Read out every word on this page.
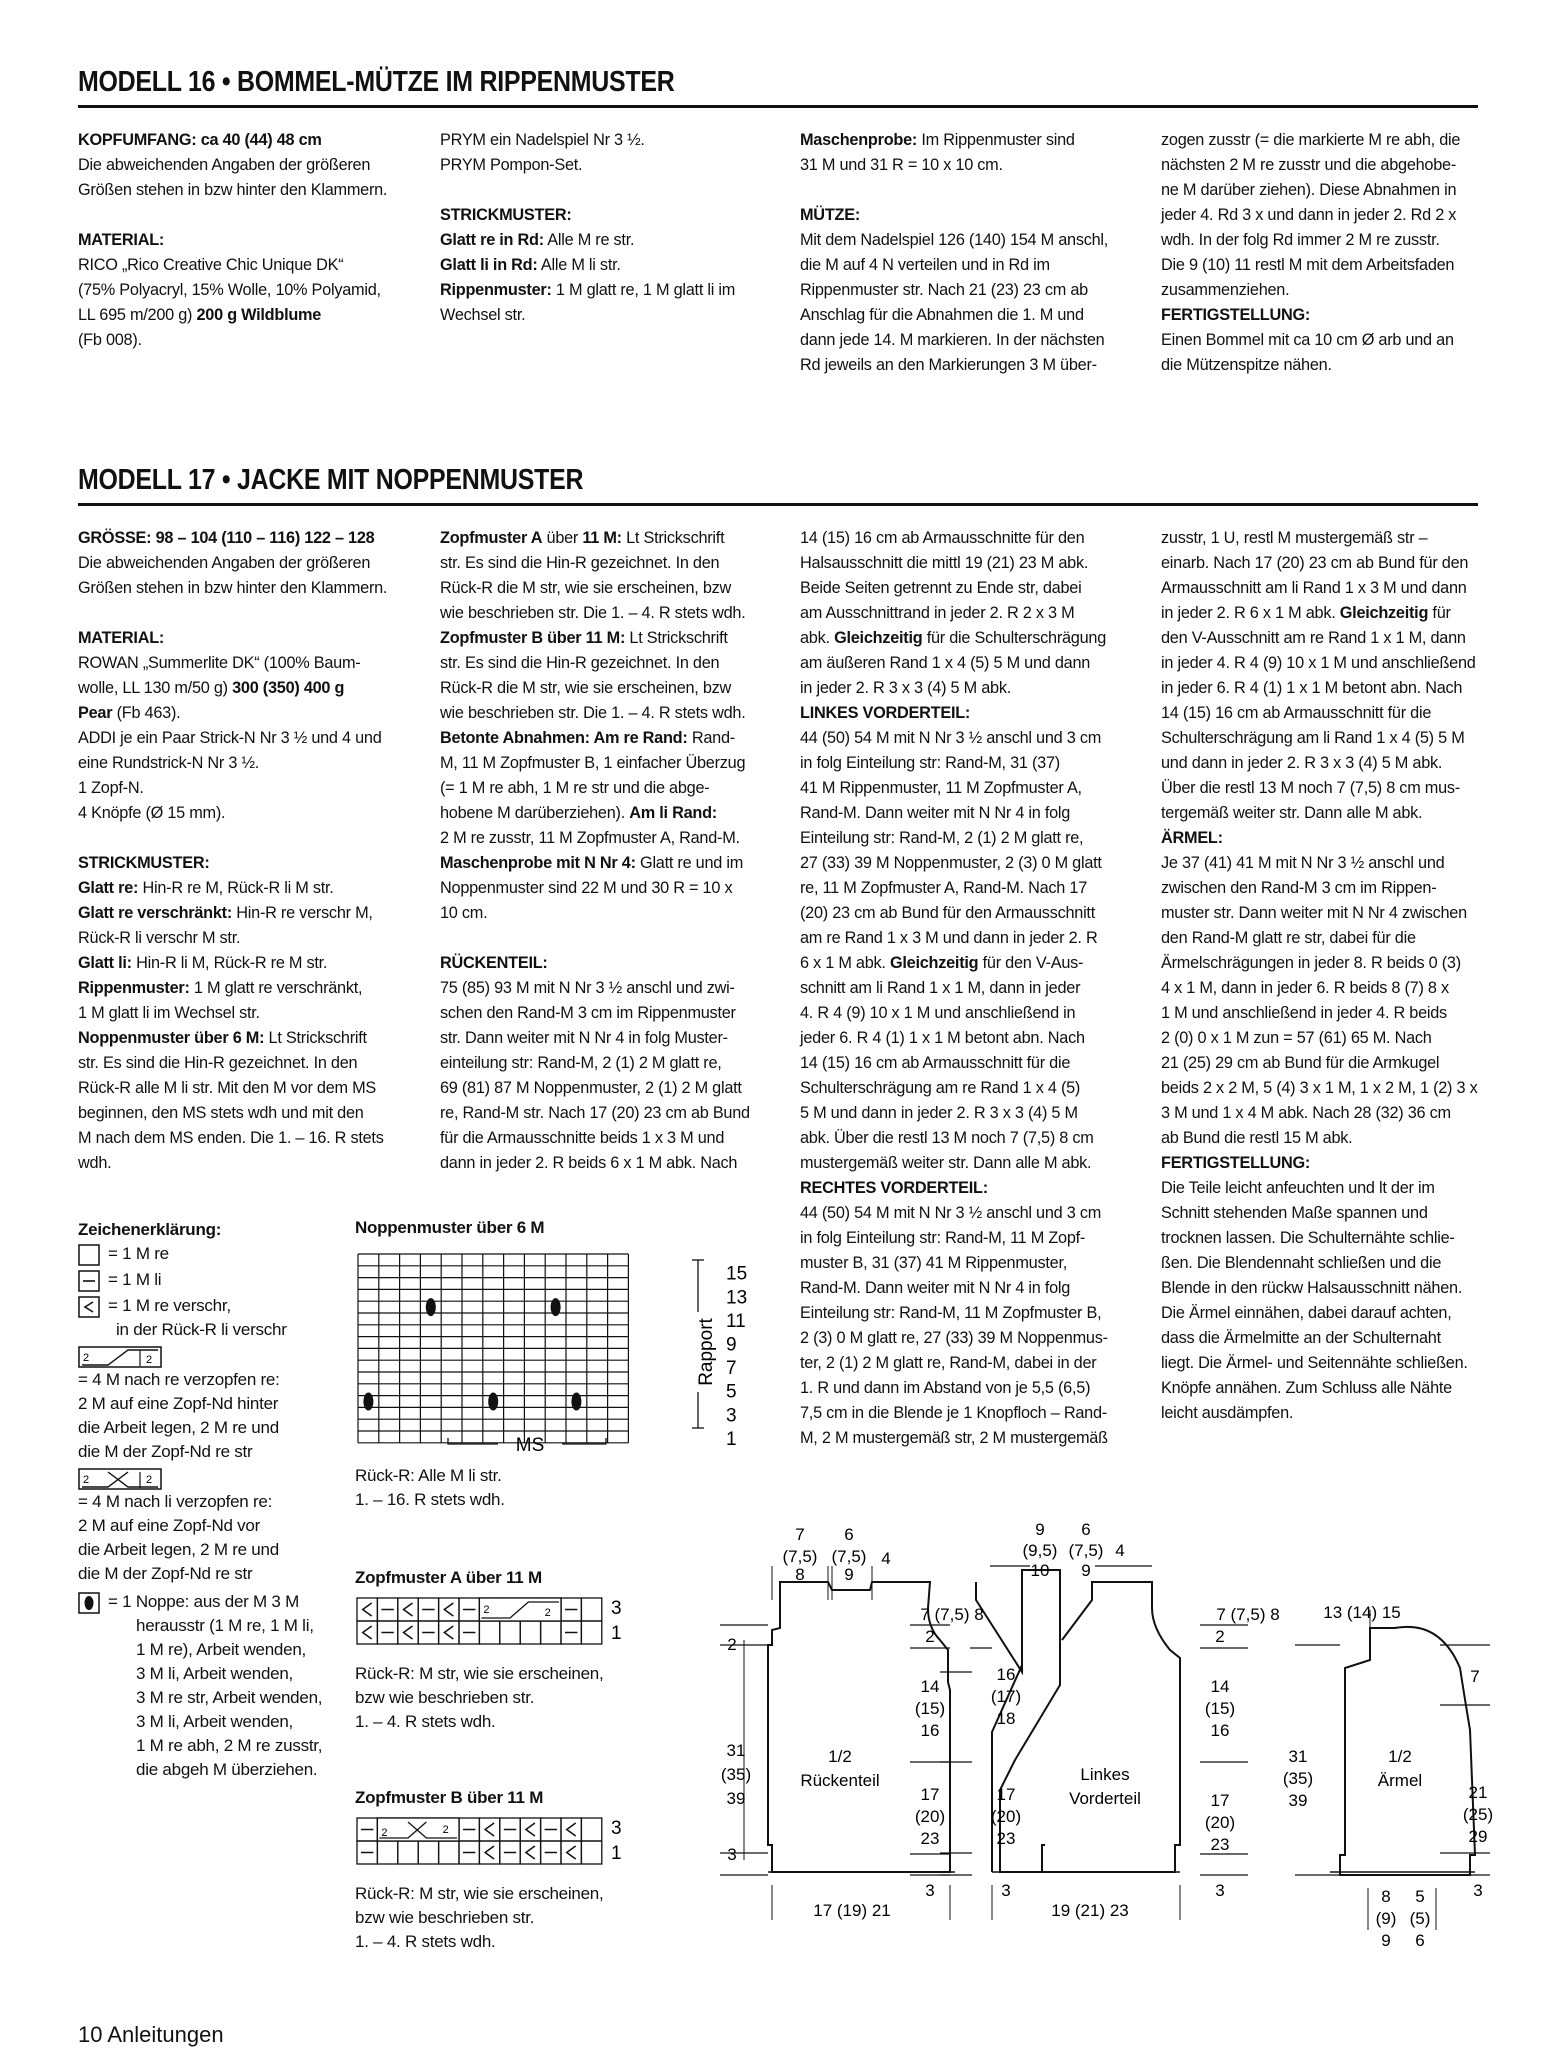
MODELL 16 • BOMMEL-MÜTZE IM RIPPENMUSTER

KOPFUMFANG: ca 40 (44) 48 cm

Die abweichenden Angaben der größeren

Größen stehen in bzw hinter den Klammern.

MATERIAL:

RICO „Rico Creative Chic Unique DK“

(75% Polyacryl, 15% Wolle, 10% Polyamid,

LL 695 m/200 g) 200 g Wildblume

(Fb 008).

PRYM ein Nadelspiel Nr 3 ½.

PRYM Pompon-Set.

STRICKMUSTER:

Glatt re in Rd: Alle M re str.

Glatt li in Rd: Alle M li str.

Rippenmuster: 1 M glatt re, 1 M glatt li im

Wechsel str.

Maschenprobe: Im Rippenmuster sind

31 M und 31 R = 10 x 10 cm.

MÜTZE:

Mit dem Nadelspiel 126 (140) 154 M anschl,

die M auf 4 N verteilen und in Rd im

Rippenmuster str. Nach 21 (23) 23 cm ab

Anschlag für die Abnahmen die 1. M und

dann jede 14. M markieren. In der nächsten

Rd jeweils an den Markierungen 3 M über-

zogen zusstr (= die markierte M re abh, die

nächsten 2 M re zusstr und die abgehobe-

ne M darüber ziehen). Diese Abnahmen in

jeder 4. Rd 3 x und dann in jeder 2. Rd 2 x

wdh. In der folg Rd immer 2 M re zusstr.

Die 9 (10) 11 restl M mit dem Arbeitsfaden

zusammenziehen.

FERTIGSTELLUNG:

Einen Bommel mit ca 10 cm Ø arb und an

die Mützenspitze nähen.

MODELL 17 • JACKE MIT NOPPENMUSTER

GRÖSSE: 98 – 104 (110 – 116) 122 – 128

Die abweichenden Angaben der größeren

Größen stehen in bzw hinter den Klammern.

MATERIAL:

ROWAN „Summerlite DK“ (100% Baum-

wolle, LL 130 m/50 g) 300 (350) 400 g

Pear (Fb 463).

ADDI je ein Paar Strick-N Nr 3 ½ und 4 und

eine Rundstrick-N Nr 3 ½.

1 Zopf-N.

4 Knöpfe (Ø 15 mm).

STRICKMUSTER:

Glatt re: Hin-R re M, Rück-R li M str.

Glatt re verschränkt: Hin-R re verschr M,

Rück-R li verschr M str.

Glatt li: Hin-R li M, Rück-R re M str.

Rippenmuster: 1 M glatt re verschränkt,

1 M glatt li im Wechsel str.

Noppenmuster über 6 M: Lt Strickschrift

str. Es sind die Hin-R gezeichnet. In den

Rück-R alle M li str. Mit den M vor dem MS

beginnen, den MS stets wdh und mit den

M nach dem MS enden. Die 1. – 16. R stets

wdh.

Zopfmuster A über 11 M: Lt Strickschrift

str. Es sind die Hin-R gezeichnet. In den

Rück-R die M str, wie sie erscheinen, bzw

wie beschrieben str. Die 1. – 4. R stets wdh.

Zopfmuster B über 11 M: Lt Strickschrift

str. Es sind die Hin-R gezeichnet. In den

Rück-R die M str, wie sie erscheinen, bzw

wie beschrieben str. Die 1. – 4. R stets wdh.

Betonte Abnahmen: Am re Rand: Rand-

M, 11 M Zopfmuster B, 1 einfacher Überzug

(= 1 M re abh, 1 M re str und die abge-

hobene M darüberziehen). Am li Rand:

2 M re zusstr, 11 M Zopfmuster A, Rand-M.

Maschenprobe mit N Nr 4: Glatt re und im

Noppenmuster sind 22 M und 30 R = 10 x

10 cm.

RÜCKENTEIL:

75 (85) 93 M mit N Nr 3 ½ anschl und zwi-

schen den Rand-M 3 cm im Rippenmuster

str. Dann weiter mit N Nr 4 in folg Muster-

einteilung str: Rand-M, 2 (1) 2 M glatt re,

69 (81) 87 M Noppenmuster, 2 (1) 2 M glatt

re, Rand-M str. Nach 17 (20) 23 cm ab Bund

für die Armausschnitte beids 1 x 3 M und

dann in jeder 2. R beids 6 x 1 M abk. Nach

14 (15) 16 cm ab Armausschnitte für den

Halsausschnitt die mittl 19 (21) 23 M abk.

Beide Seiten getrennt zu Ende str, dabei

am Ausschnittrand in jeder 2. R 2 x 3 M

abk. Gleichzeitig für die Schulterschrägung

am äußeren Rand 1 x 4 (5) 5 M und dann

in jeder 2. R 3 x 3 (4) 5 M abk.

LINKES VORDERTEIL:

44 (50) 54 M mit N Nr 3 ½ anschl und 3 cm

in folg Einteilung str: Rand-M, 31 (37)

41 M Rippenmuster, 11 M Zopfmuster A,

Rand-M. Dann weiter mit N Nr 4 in folg

Einteilung str: Rand-M, 2 (1) 2 M glatt re,

27 (33) 39 M Noppenmuster, 2 (3) 0 M glatt

re, 11 M Zopfmuster A, Rand-M. Nach 17

(20) 23 cm ab Bund für den Armausschnitt

am re Rand 1 x 3 M und dann in jeder 2. R

6 x 1 M abk. Gleichzeitig für den V-Aus-

schnitt am li Rand 1 x 1 M, dann in jeder

4. R 4 (9) 10 x 1 M und anschließend in

jeder 6. R 4 (1) 1 x 1 M betont abn. Nach

14 (15) 16 cm ab Armausschnitt für die

Schulterschrägung am re Rand 1 x 4 (5)

5 M und dann in jeder 2. R 3 x 3 (4) 5 M

abk. Über die restl 13 M noch 7 (7,5) 8 cm

mustergemäß weiter str. Dann alle M abk.

RECHTES VORDERTEIL:

44 (50) 54 M mit N Nr 3 ½ anschl und 3 cm

in folg Einteilung str: Rand-M, 11 M Zopf-

muster B, 31 (37) 41 M Rippenmuster,

Rand-M. Dann weiter mit N Nr 4 in folg

Einteilung str: Rand-M, 11 M Zopfmuster B,

2 (3) 0 M glatt re, 27 (33) 39 M Noppenmus-

ter, 2 (1) 2 M glatt re, Rand-M, dabei in der

1. R und dann im Abstand von je 5,5 (6,5)

7,5 cm in die Blende je 1 Knopfloch – Rand-

M, 2 M mustergemäß str, 2 M mustergemäß

zusstr, 1 U, restl M mustergemäß str –

einarb. Nach 17 (20) 23 cm ab Bund für den

Armausschnitt am li Rand 1 x 3 M und dann

in jeder 2. R 6 x 1 M abk. Gleichzeitig für

den V-Ausschnitt am re Rand 1 x 1 M, dann

in jeder 4. R 4 (9) 10 x 1 M und anschließend

in jeder 6. R 4 (1) 1 x 1 M betont abn. Nach

14 (15) 16 cm ab Armausschnitt für die

Schulterschrägung am li Rand 1 x 4 (5) 5 M

und dann in jeder 2. R 3 x 3 (4) 5 M abk.

Über die restl 13 M noch 7 (7,5) 8 cm mus-

tergemäß weiter str. Dann alle M abk.

ÄRMEL:

Je 37 (41) 41 M mit N Nr 3 ½ anschl und

zwischen den Rand-M 3 cm im Rippen-

muster str. Dann weiter mit N Nr 4 zwischen

den Rand-M glatt re str, dabei für die

Ärmelschrägungen in jeder 8. R beids 0 (3)

4 x 1 M, dann in jeder 6. R beids 8 (7) 8 x

1 M und anschließend in jeder 4. R beids

2 (0) 0 x 1 M zun = 57 (61) 65 M. Nach

21 (25) 29 cm ab Bund für die Armkugel

beids 2 x 2 M, 5 (4) 3 x 1 M, 1 x 2 M, 1 (2) 3 x

3 M und 1 x 4 M abk. Nach 28 (32) 36 cm

ab Bund die restl 15 M abk.

FERTIGSTELLUNG:

Die Teile leicht anfeuchten und lt der im

Schnitt stehenden Maße spannen und

trocknen lassen. Die Schulternähte schlie-

ßen. Die Blendennaht schließen und die

Blende in den rückw Halsausschnitt nähen.

Die Ärmel einnähen, dabei darauf achten,

dass die Ärmelmitte an der Schulternaht

liegt. Die Ärmel- und Seitennähte schließen.

Knöpfe annähen. Zum Schluss alle Nähte

leicht ausdämpfen.

Zeichenerklärung:

= 1 M re
= 1 M li
= 1 M re verschr,
in der Rück-R li verschr
2	2
= 4 M nach re verzopfen re:
2 M auf eine Zopf-Nd hinter
die Arbeit legen, 2 M re und
die M der Zopf-Nd re str
2	2
= 4 M nach li verzopfen re:
2 M auf eine Zopf-Nd vor
die Arbeit legen, 2 M re und
die M der Zopf-Nd re str
= 1 Noppe: aus der M 3 M
herausstr (1 M re, 1 M li,
1 M re), Arbeit wenden,
3 M li, Arbeit wenden,
3 M re str, Arbeit wenden,
3 M li, Arbeit wenden,
1 M re abh, 2 M re zusstr,
die abgeh M überziehen.
Noppenmuster über 6 M
15
13
11
9
7
5
3
1
Rapport
MS
Rück-R: Alle M li str.
1. – 16. R stets wdh.
Zopfmuster A über 11 M
2	2	3
1
Rück-R: M str, wie sie erscheinen,
bzw wie beschrieben str.
1. – 4. R stets wdh.
Zopfmuster B über 11 M
2	2	3
1
Rück-R: M str, wie sie erscheinen,
bzw wie beschrieben str.
1. – 4. R stets wdh.
2
3
31
(35)
39
7
(7,5)
8
6
(7,5)
9
4
1/2
Rückenteil
2
14
(15)
16
17
(20)
23
3
17 (19) 21
9
(9,5)
10
6
(7,5)
9
4
7 (7,5) 8	7 (7,5) 8
16
(17)
18
17
(20)
23
3
Linkes
Vorderteil
19 (21) 23
2
14
(15)
16
17
(20)
23
3
13 (14) 15
7
31
(35)
39
1/2
Ärmel
21
(25)
29
3
8
(9)
9
5
(5)
6
10 Anleitungen
